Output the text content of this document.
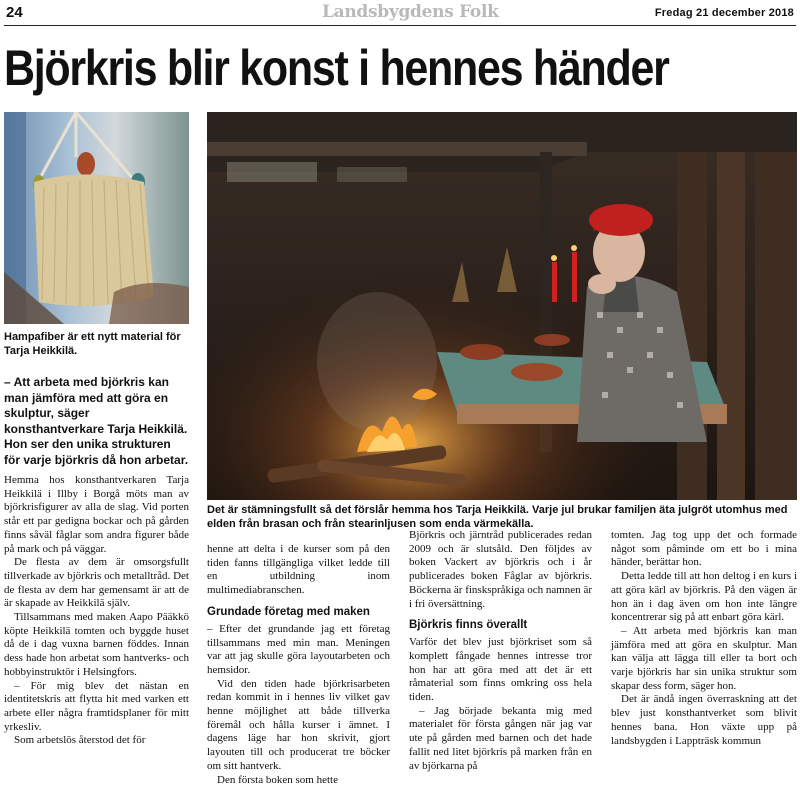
24	Landsbygdens Folk	Fredag 21 december 2018
Björkris blir konst i hennes händer
Hampafiber är ett nytt material för Tarja Heikkilä.
Det är stämningsfullt så det förslår hemma hos Tarja Heikkilä. Varje jul brukar familjen äta julgröt utomhus med elden från brasan och från stearinljusen som enda värmekälla.
– Att arbeta med björkris kan man jämföra med att göra en skulptur, säger konsthantverkare Tarja Heikkilä. Hon ser den unika strukturen för varje björkris då hon arbetar.

Hemma hos konsthantverkaren Tarja Heikkilä i Illby i Borgå möts man av björkrisfigurer av alla de slag. Vid porten står ett par gedigna bockar och på gården finns såväl fåglar som andra figurer både på mark och på väggar.

De flesta av dem är omsorgsfullt tillverkade av björkris och metalltråd. Det de flesta av dem har gemensamt är att de är skapade av Heikkilä själv.

Tillsammans med maken Aapo Pääkkö köpte Heikkilä tomten och byggde huset då de i dag vuxna barnen föddes. Innan dess hade hon arbetat som hantverks- och hobbyinstruktör i Helsingfors.

– För mig blev det nästan en identitetskris att flytta hit med varken ett arbete eller några framtidsplaner för mitt yrkesliv.

Som arbetslös återstod det för

henne att delta i de kurser som på den tiden fanns tillgängliga vilket ledde till en utbildning inom multimediabranschen.

Grundade företag med maken

– Efter det grundande jag ett företag tillsammans med min man. Meningen var att jag skulle göra layoutarbeten och hemsidor.

Vid den tiden hade björkrisarbeten redan kommit in i hennes liv vilket gav henne möjlighet att både tillverka föremål och hålla kurser i ämnet. I dagens läge har hon skrivit, gjort layouten till och producerat tre böcker om sitt hantverk.

Den första boken som hette

Björkris och järntråd publicerades redan 2009 och är slutsåld. Den följdes av boken Vackert av björkris och i år publicerades boken Fåglar av björkris. Böckerna är finskspråkiga och namnen är i fri översättning.

Björkris finns överallt

Varför det blev just björkriset som så komplett fångade hennes intresse tror hon har att göra med att det är ett råmaterial som finns omkring oss hela tiden.

– Jag började bekanta mig med materialet för första gången när jag var ute på gården med barnen och det hade fallit ned litet björkris på marken från en av björkarna på

tomten. Jag tog upp det och formade något som påminde om ett bo i mina händer, berättar hon.

Detta ledde till att hon deltog i en kurs i att göra kärl av björkris. På den vägen är hon än i dag även om hon inte längre koncentrerar sig på att enbart göra kärl.

– Att arbeta med björkris kan man jämföra med att göra en skulptur. Man kan välja att lägga till eller ta bort och varje björkris har sin unika struktur som skapar dess form, säger hon.

Det är ändå ingen överraskning att det blev just konsthantverket som blivit hennes bana. Hon växte upp på landsbygden i Lappträsk kommun
